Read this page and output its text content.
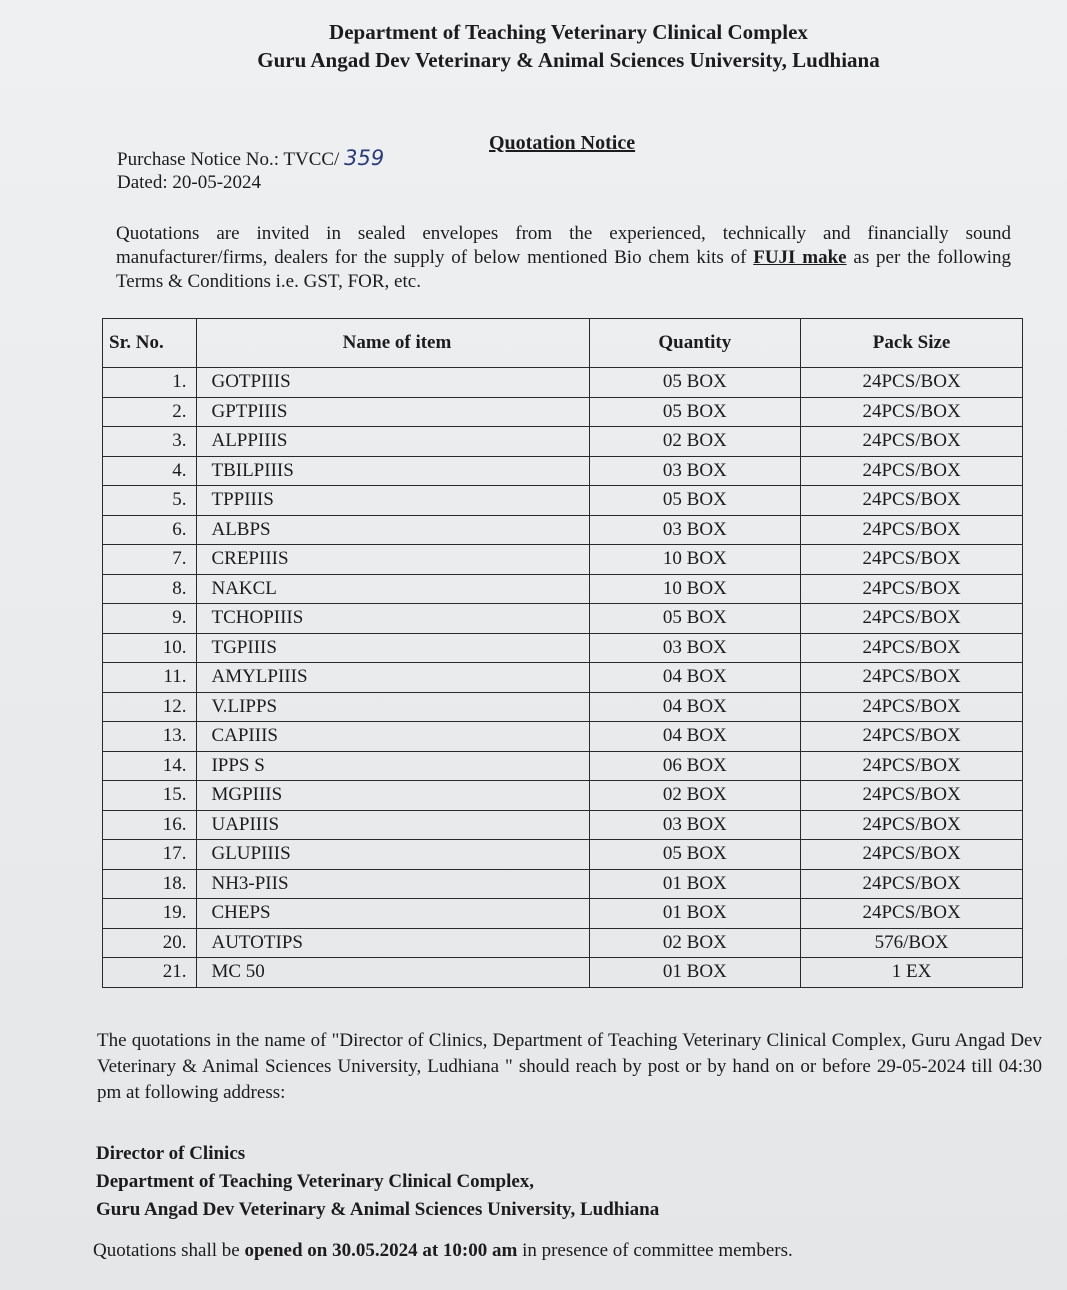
Department of Teaching Veterinary Clinical Complex
Guru Angad Dev Veterinary & Animal Sciences University, Ludhiana
Quotation Notice
Purchase Notice No.: TVCC/ 359
Dated: 20-05-2024
Quotations are invited in sealed envelopes from the experienced, technically and financially sound manufacturer/firms, dealers for the supply of below mentioned Bio chem kits of FUJI make as per the following Terms & Conditions i.e. GST, FOR, etc.
Sr. No.	Name of item	Quantity	Pack Size
1.	GOTPIIIS	05 BOX	24PCS/BOX
2.	GPTPIIIS	05 BOX	24PCS/BOX
3.	ALPPIIIS	02 BOX	24PCS/BOX
4.	TBILPIIIS	03 BOX	24PCS/BOX
5.	TPPIIIS	05 BOX	24PCS/BOX
6.	ALBPS	03 BOX	24PCS/BOX
7.	CREPIIIS	10 BOX	24PCS/BOX
8.	NAKCL	10 BOX	24PCS/BOX
9.	TCHOPIIIS	05 BOX	24PCS/BOX
10.	TGPIIIS	03 BOX	24PCS/BOX
11.	AMYLPIIIS	04 BOX	24PCS/BOX
12.	V.LIPPS	04 BOX	24PCS/BOX
13.	CAPIIIS	04 BOX	24PCS/BOX
14.	IPPS S	06 BOX	24PCS/BOX
15.	MGPIIIS	02 BOX	24PCS/BOX
16.	UAPIIIS	03 BOX	24PCS/BOX
17.	GLUPIIIS	05 BOX	24PCS/BOX
18.	NH3-PIIS	01 BOX	24PCS/BOX
19.	CHEPS	01 BOX	24PCS/BOX
20.	AUTOTIPS	02 BOX	576/BOX
21.	MC 50	01 BOX	1 EX
The quotations in the name of "Director of Clinics, Department of Teaching Veterinary Clinical Complex, Guru Angad Dev Veterinary & Animal Sciences University, Ludhiana " should reach by post or by hand on or before 29-05-2024 till 04:30 pm at following address:
Director of Clinics
Department of Teaching Veterinary Clinical Complex,
Guru Angad Dev Veterinary & Animal Sciences University, Ludhiana
Quotations shall be opened on 30.05.2024 at 10:00 am in presence of committee members.
